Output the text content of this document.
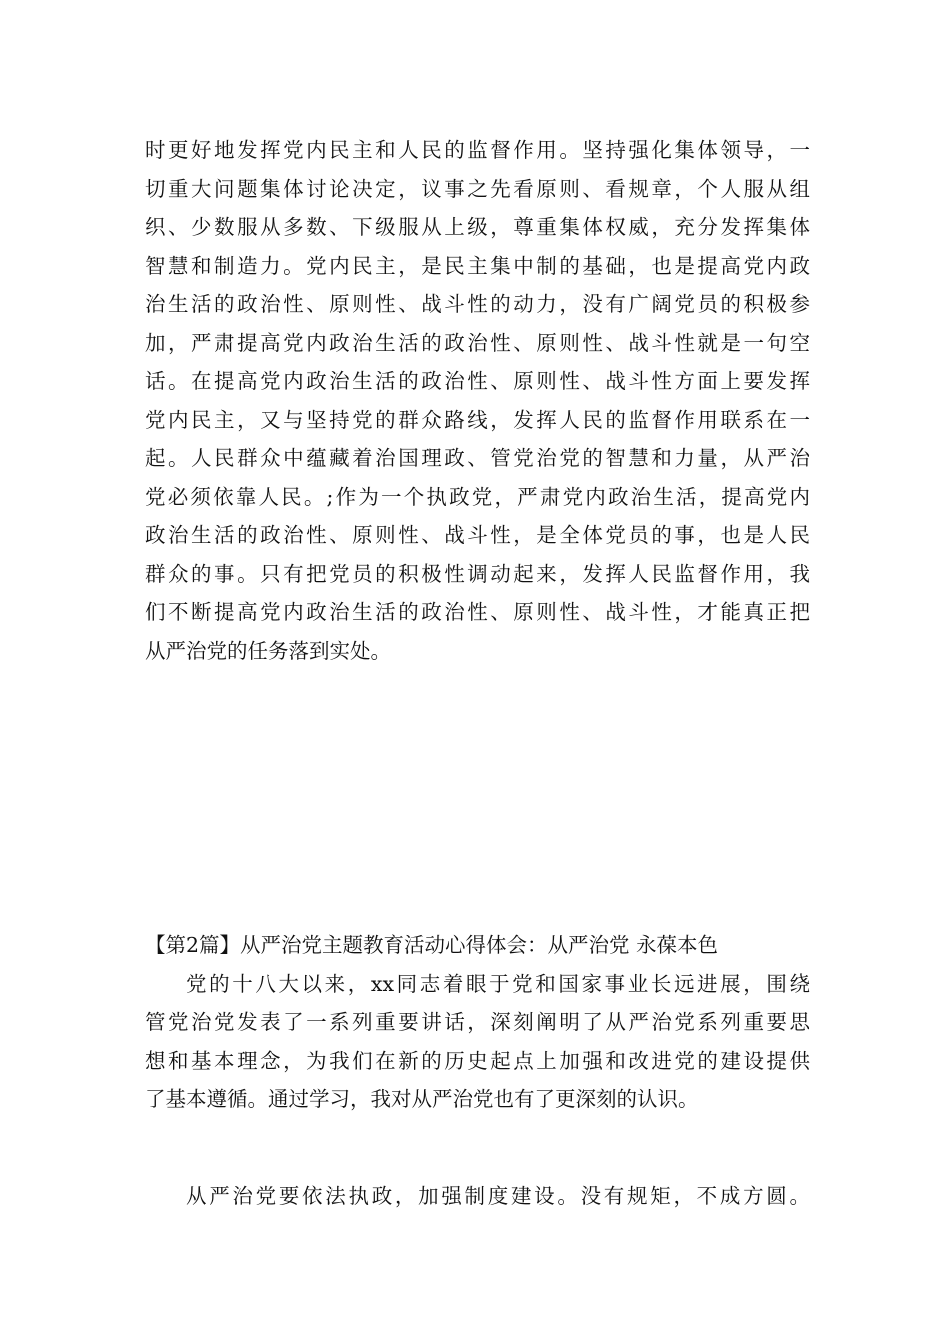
时更好地发挥党内民主和人民的监督作用。坚持强化集体领导，一
切重大问题集体讨论决定，议事之先看原则、看规章，个人服从组
织、少数服从多数、下级服从上级，尊重集体权威，充分发挥集体
智慧和制造力。党内民主，是民主集中制的基础，也是提高党内政
治生活的政治性、原则性、战斗性的动力，没有广阔党员的积极参
加，严肃提高党内政治生活的政治性、原则性、战斗性就是一句空
话。在提高党内政治生活的政治性、原则性、战斗性方面上要发挥
党内民主，又与坚持党的群众路线，发挥人民的监督作用联系在一
起。人民群众中蕴藏着治国理政、管党治党的智慧和力量，从严治
党必须依靠人民。;作为一个执政党，严肃党内政治生活，提高党内
政治生活的政治性、原则性、战斗性，是全体党员的事，也是人民
群众的事。只有把党员的积极性调动起来，发挥人民监督作用，我
们不断提高党内政治生活的政治性、原则性、战斗性，才能真正把
从严治党的任务落到实处。
【第2篇】从严治党主题教育活动心得体会：从严治党 永葆本色
党的十八大以来，xx同志着眼于党和国家事业长远进展，围绕
管党治党发表了一系列重要讲话，深刻阐明了从严治党系列重要思
想和基本理念，为我们在新的历史起点上加强和改进党的建设提供
了基本遵循。通过学习，我对从严治党也有了更深刻的认识。
从严治党要依法执政，加强制度建设。没有规矩，不成方圆。
